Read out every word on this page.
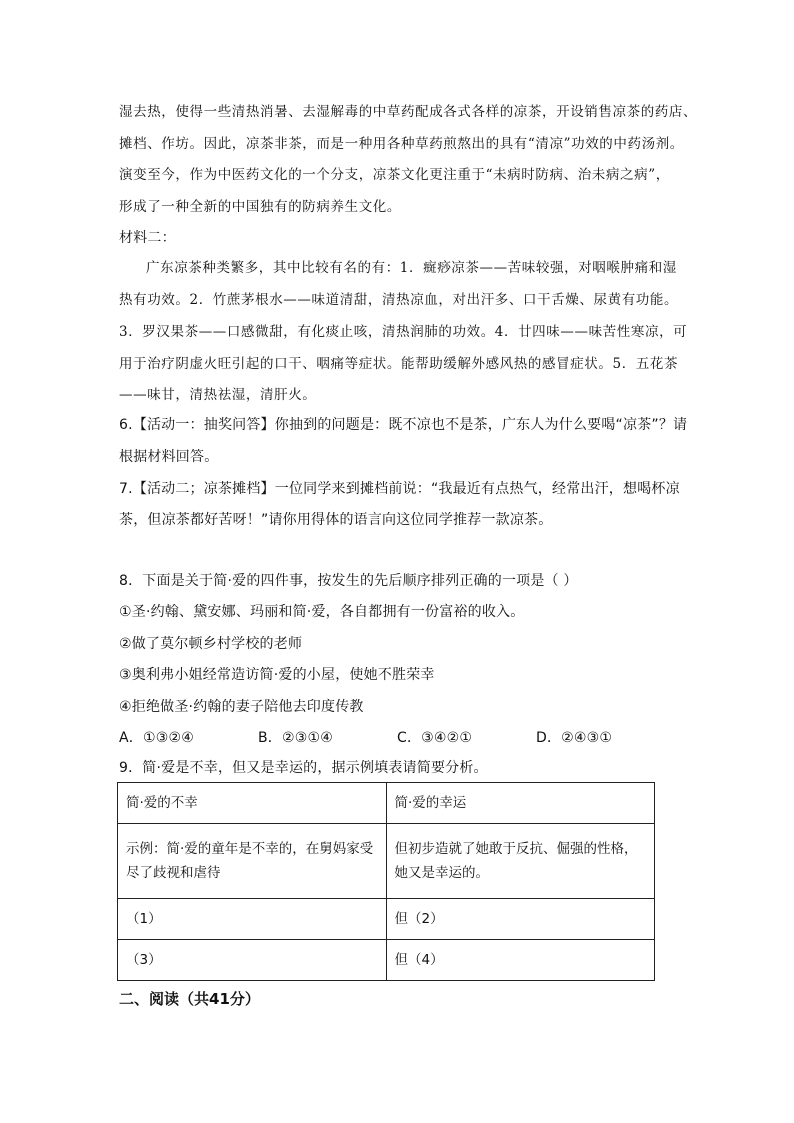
湿去热，使得一些清热消暑、去湿解毒的中草药配成各式各样的凉茶，开设销售凉茶的药店、
摊档、作坊。因此，凉茶非茶，而是一种用各种草药煎熬出的具有“清凉”功效的中药汤剂。
演变至今，作为中医药文化的一个分支，凉茶文化更注重于“未病时防病、治未病之病”，
形成了一种全新的中国独有的防病养生文化。
材料二：
广东凉茶种类繁多，其中比较有名的有：1．癍痧凉茶——苦味较强，对咽喉肿痛和湿
热有功效。2．竹蔗茅根水——味道清甜，清热凉血，对出汗多、口干舌燥、尿黄有功能。
3．罗汉果茶——口感微甜，有化痰止咳，清热润肺的功效。4．廿四味——味苦性寒凉，可
用于治疗阴虚火旺引起的口干、咽痛等症状。能帮助缓解外感风热的感冒症状。5．五花茶
——味甘，清热祛湿，清肝火。
6.【活动一：抽奖问答】你抽到的问题是：既不凉也不是茶，广东人为什么要喝“凉茶”？请
根据材料回答。
7.【活动二；凉茶摊档】一位同学来到摊档前说：“我最近有点热气，经常出汗，想喝杯凉
茶，但凉茶都好苦呀！”请你用得体的语言向这位同学推荐一款凉茶。
8．下面是关于简·爱的四件事，按发生的先后顺序排列正确的一项是（ ）
①圣·约翰、黛安娜、玛丽和简·爱，各自都拥有一份富裕的收入。
②做了莫尔顿乡村学校的老师
③奥利弗小姐经常造访简·爱的小屋，使她不胜荣幸
④拒绝做圣·约翰的妻子陪他去印度传教
A．①③②④	B．②③①④	C．③④②①	D．②④③①
9．简·爱是不幸，但又是幸运的，据示例填表请简要分析。
简·爱的不幸	简·爱的幸运
示例：简·爱的童年是不幸的，在舅妈家受尽了歧视和虐待	但初步造就了她敢于反抗、倔强的性格，她又是幸运的。
（1）	但（2）
（3）	但（4）
二、阅读（共41分）
